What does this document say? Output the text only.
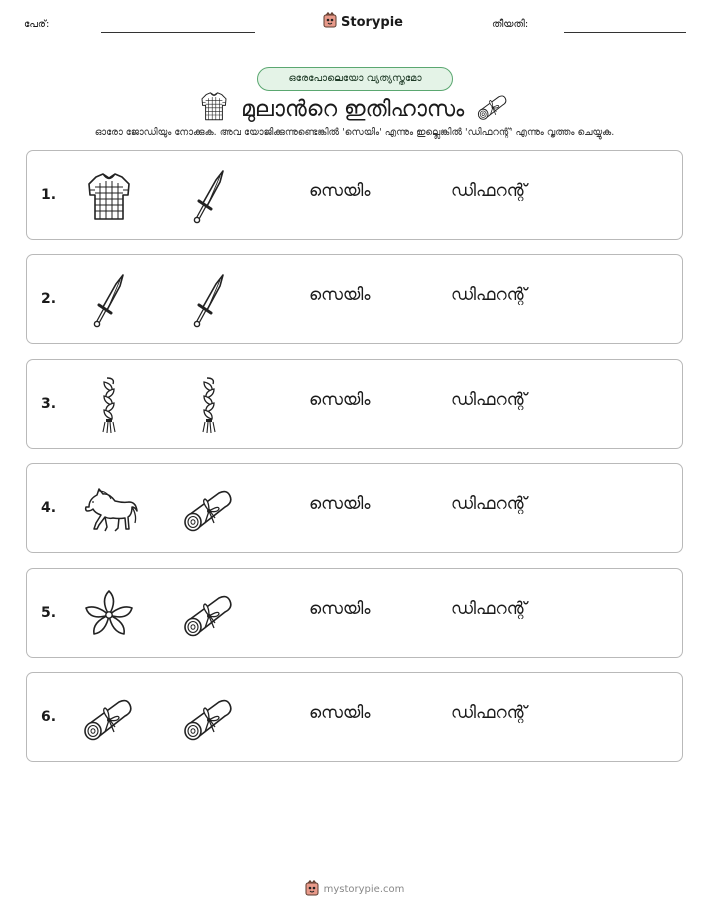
പേര്:	Storypie	തീയതി:
ഒരേപോലെയോ വ്യത്യസ്തമോ
മുലാൻറെ ഇതിഹാസം
ഓരോ ജോഡിയും നോക്കുക. അവ യോജിക്കുന്നുണ്ടെങ്കിൽ 'സെയിം' എന്നും ഇല്ലെങ്കിൽ 'ഡിഫറന്റ്' എന്നും വൃത്തം ചെയ്യുക.
1.	സെയിം	ഡിഫറന്റ്
2.	സെയിം	ഡിഫറന്റ്
3.	സെയിം	ഡിഫറന്റ്
4.	സെയിം	ഡിഫറന്റ്
5.	സെയിം	ഡിഫറന്റ്
6.	സെയിം	ഡിഫറന്റ്
mystorypie.com
